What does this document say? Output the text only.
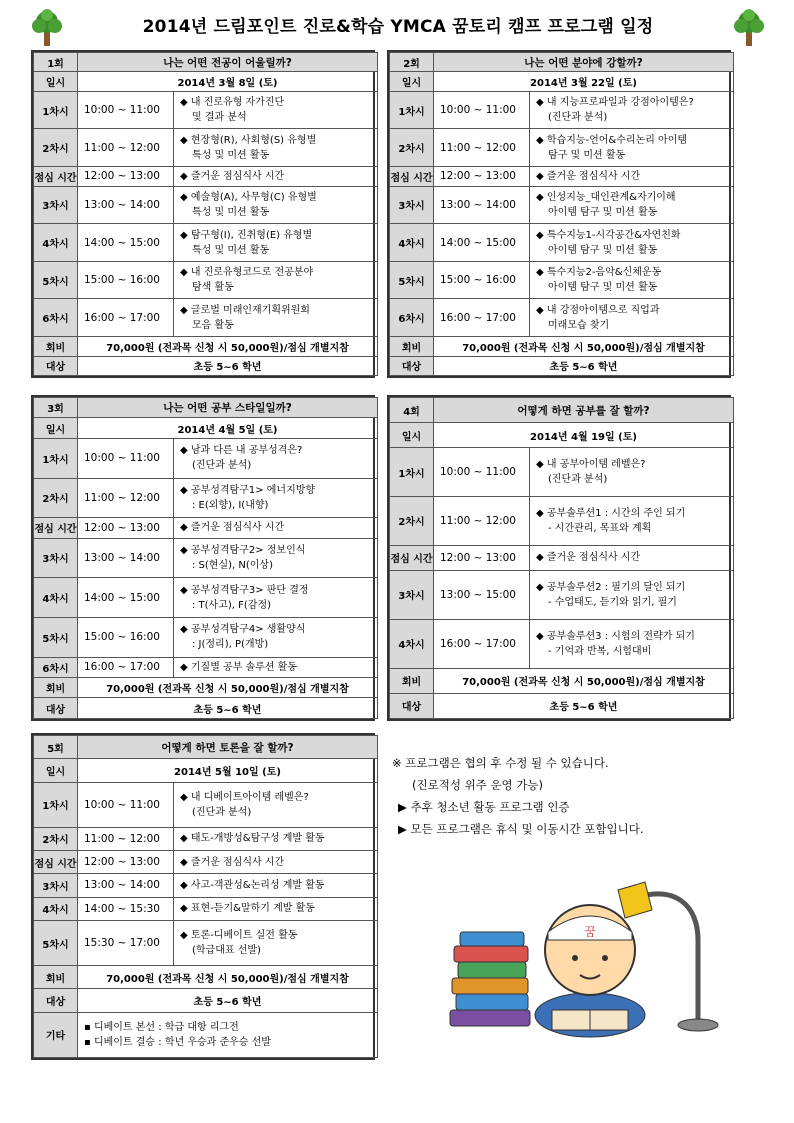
2014년 드림포인트 진로&학습 YMCA 꿈토리 캠프 프로그램 일정
1회	나는 어떤 전공이 어울릴까?	
일시	2014년 3월 8일 (토)	
1차시	10:00 ~ 11:00	◆ 내 진로유형 자가진단
및 결과 분석

2차시	11:00 ~ 12:00	◆ 현장형(R), 사회형(S) 유형별
특성 및 미션 활동

점심 시간	12:00 ~ 13:00	◆ 즐거운 점심식사 시간

3차시	13:00 ~ 14:00	◆ 예술형(A), 사무형(C) 유형별
특성 및 미션 활동

4차시	14:00 ~ 15:00	◆ 탐구형(I), 진취형(E) 유형별
특성 및 미션 활동

5차시	15:00 ~ 16:00	◆ 내 진로유형코드로 전공분야
탐색 활동

6차시	16:00 ~ 17:00	◆ 글로벌 미래인재기획위원회
모음 활동

회비	70,000원 (전과목 신청 시 50,000원)/점심 개별지참	
대상	초등 5~6 학년	
2회	나는 어떤 분야에 강할까?	
일시	2014년 3월 22일 (토)	
1차시	10:00 ~ 11:00	◆ 내 지능프로파일과 강점아이템은?
(진단과 분석)

2차시	11:00 ~ 12:00	◆ 학습지능-언어&수리논리 아이템
탐구 및 미션 활동

점심 시간	12:00 ~ 13:00	◆ 즐거운 점심식사 시간

3차시	13:00 ~ 14:00	◆ 인성지능_대인관계&자기이해
아이템 탐구 및 미션 활동

4차시	14:00 ~ 15:00	◆ 특수지능1-시각공간&자연친화
아이템 탐구 및 미션 활동

5차시	15:00 ~ 16:00	◆ 특수지능2-음악&신체운동
아이템 탐구 및 미션 활동

6차시	16:00 ~ 17:00	◆ 내 강점아이템으로 직업과
미래모습 찾기

회비	70,000원 (전과목 신청 시 50,000원)/점심 개별지참	
대상	초등 5~6 학년	
3회	나는 어떤 공부 스타일일까?	
일시	2014년 4월 5일 (토)	
1차시	10:00 ~ 11:00	◆ 남과 다른 내 공부성격은?
(진단과 분석)

2차시	11:00 ~ 12:00	◆ 공부성격탐구1> 에너지방향
: E(외향), I(내향)

점심 시간	12:00 ~ 13:00	◆ 즐거운 점심식사 시간

3차시	13:00 ~ 14:00	◆ 공부성격탐구2> 정보인식
: S(현실), N(이상)

4차시	14:00 ~ 15:00	◆ 공부성격탐구3> 판단 결정
: T(사고), F(감정)

5차시	15:00 ~ 16:00	◆ 공부성격탐구4> 생활양식
: J(정리), P(개방)

6차시	16:00 ~ 17:00	◆ 기질별 공부 솔루션 활동

회비	70,000원 (전과목 신청 시 50,000원)/점심 개별지참	
대상	초등 5~6 학년	
4회	어떻게 하면 공부를 잘 할까?	
일시	2014년 4월 19일 (토)	
1차시	10:00 ~ 11:00	◆ 내 공부아이템 레벨은?
(진단과 분석)

2차시	11:00 ~ 12:00	◆ 공부솔루션1 : 시간의 주인 되기
- 시간관리, 목표와 계획

점심 시간	12:00 ~ 13:00	◆ 즐거운 점심식사 시간

3차시	13:00 ~ 15:00	◆ 공부솔루션2 : 필기의 달인 되기
- 수업태도, 듣기와 읽기, 필기

4차시	16:00 ~ 17:00	◆ 공부솔루션3 : 시험의 전략가 되기
- 기억과 반복, 시험대비

회비	70,000원 (전과목 신청 시 50,000원)/점심 개별지참	
대상	초등 5~6 학년	
5회	어떻게 하면 토론을 잘 할까?	
일시	2014년 5월 10일 (토)	
1차시	10:00 ~ 11:00	◆ 내 디베이트아이템 레벨은?
(진단과 분석)

2차시	11:00 ~ 12:00	◆ 태도-개방성&탐구성 계발 활동

점심 시간	12:00 ~ 13:00	◆ 즐거운 점심식사 시간

3차시	13:00 ~ 14:00	◆ 사고-객관성&논리성 계발 활동

4차시	14:00 ~ 15:30	◆ 표현-듣기&말하기 계발 활동

5차시	15:30 ~ 17:00	◆ 토론-디베이트 실전 활동
(학급대표 선발)

회비	70,000원 (전과목 신청 시 50,000원)/점심 개별지참	
대상	초등 5~6 학년	
기타	▪ 디베이트 본선 : 학급 대항 리그전
▪ 디베이트 결승 : 학년 우승과 준우승 선발	
※ 프로그램은 협의 후 수정 될 수 있습니다.
(진로적성 위주 운영 가능)
▶ 추후 청소년 활동 프로그램 인증
▶ 모든 프로그램은 휴식 및 이동시간 포함입니다.
꿈
